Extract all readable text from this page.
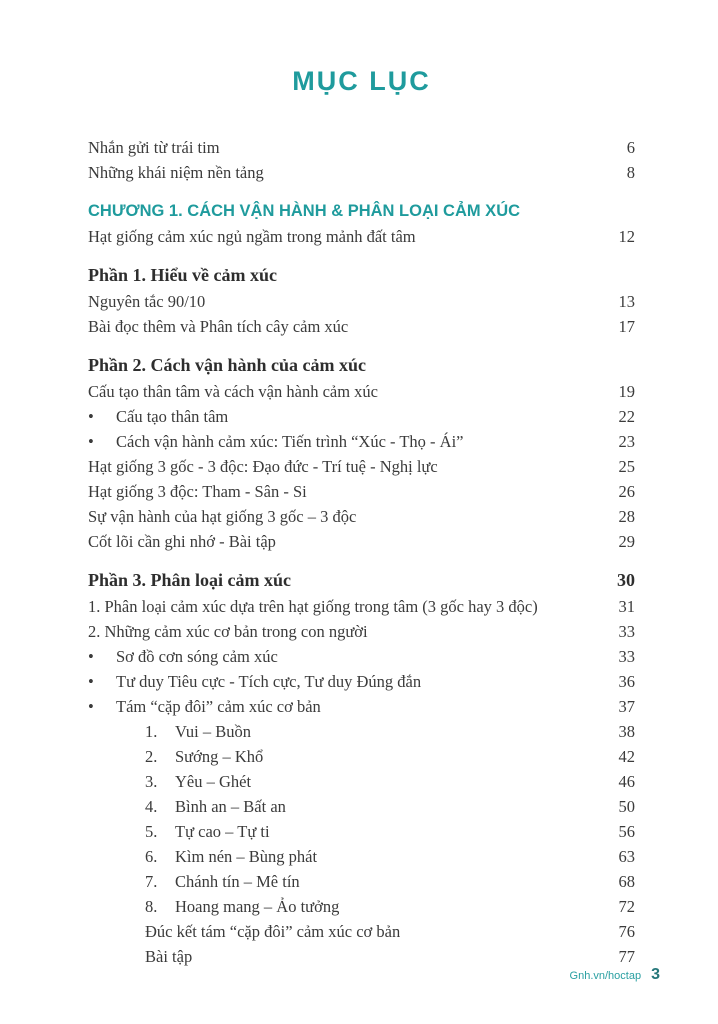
MỤC LỤC
Nhắn gửi từ trái tim	6
Những khái niệm nền tảng	8
CHƯƠNG 1. CÁCH VẬN HÀNH & PHÂN LOẠI CẢM XÚC
Hạt giống cảm xúc ngủ ngầm trong mảnh đất tâm	12
Phần 1. Hiểu về cảm xúc
Nguyên tắc 90/10	13
Bài đọc thêm và Phân tích cây cảm xúc	17
Phần 2. Cách vận hành của cảm xúc
Cấu tạo thân tâm và cách vận hành cảm xúc	19
•	Cấu tạo thân tâm	22
•	Cách vận hành cảm xúc: Tiến trình “Xúc - Thọ - Ái”	23
Hạt giống 3 gốc - 3 độc: Đạo đức - Trí tuệ - Nghị lực	25
Hạt giống 3 độc: Tham - Sân - Si	26
Sự vận hành của hạt giống 3 gốc – 3 độc	28
Cốt lõi cần ghi nhớ - Bài tập	29
Phần 3. Phân loại cảm xúc	30
1. Phân loại cảm xúc dựa trên hạt giống trong tâm (3 gốc hay 3 độc)	31
2. Những cảm xúc cơ bản trong con người	33
•	Sơ đồ cơn sóng cảm xúc	33
•	Tư duy Tiêu cực - Tích cực, Tư duy Đúng đắn	36
•	Tám “cặp đôi” cảm xúc cơ bản	37
1.	Vui – Buồn	38
2.	Sướng – Khổ	42
3.	Yêu – Ghét	46
4.	Bình an – Bất an	50
5.	Tự cao – Tự ti	56
6.	Kìm nén – Bùng phát	63
7.	Chánh tín – Mê tín	68
8.	Hoang mang – Ảo tưởng	72
Đúc kết tám “cặp đôi” cảm xúc cơ bản	76
Bài tập	77
Gnh.vn/hoctap 3
